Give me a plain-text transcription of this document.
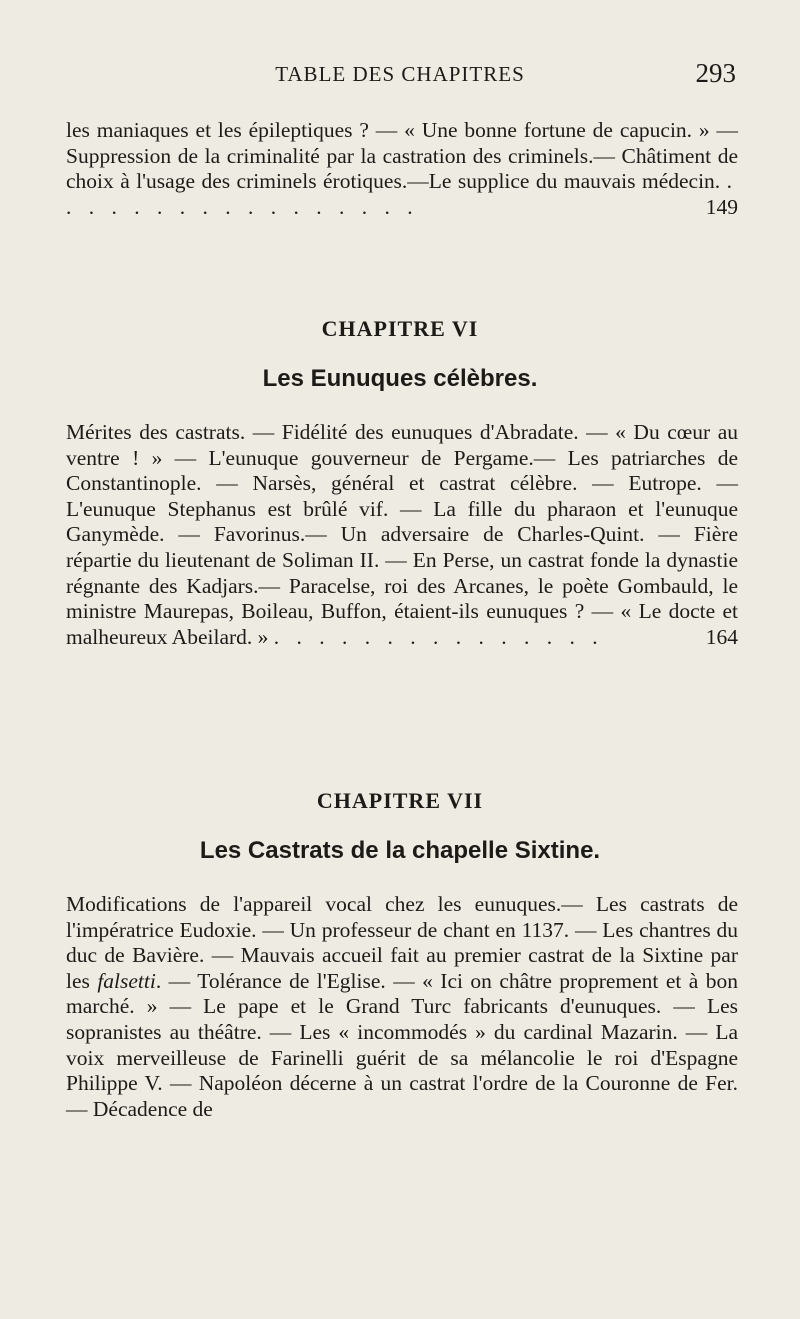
TABLE DES CHAPITRES	293

les maniaques et les épileptiques ? — « Une bonne fortune de capucin. » — Suppression de la criminalité par la castration des criminels.— Châtiment de choix à l'usage des criminels érotiques.—Le supplice du mauvais médecin. . . . . . . . . . . . . . . . . .	149

CHAPITRE VI
Les Eunuques célèbres.

Mérites des castrats. — Fidélité des eunuques d'Abradate. — « Du cœur au ventre ! » — L'eunuque gouverneur de Pergame.— Les patriarches de Constantinople. — Narsès, général et castrat célèbre. — Eutrope. — L'eunuque Stephanus est brûlé vif. — La fille du pharaon et l'eunuque Ganymède. — Favorinus.— Un adversaire de Charles-Quint. — Fière répartie du lieutenant de Soliman II. — En Perse, un castrat fonde la dynastie régnante des Kadjars.— Paracelse, roi des Arcanes, le poète Gombauld, le ministre Maurepas, Boileau, Buffon, étaient-ils eunuques ? — « Le docte et malheureux Abeilard. » . . . . . . . . . . . . . . .	164

CHAPITRE VII
Les Castrats de la chapelle Sixtine.

Modifications de l'appareil vocal chez les eunuques.— Les castrats de l'impératrice Eudoxie. — Un professeur de chant en 1137. — Les chantres du duc de Bavière. — Mauvais accueil fait au premier castrat de la Sixtine par les falsetti. — Tolérance de l'Eglise. — « Ici on châtre proprement et à bon marché. » — Le pape et le Grand Turc fabricants d'eunuques. — Les sopranistes au théâtre. — Les « incommodés » du cardinal Mazarin. — La voix merveilleuse de Farinelli guérit de sa mélancolie le roi d'Espagne Philippe V. — Napoléon décerne à un castrat l'ordre de la Couronne de Fer. — Décadence de
